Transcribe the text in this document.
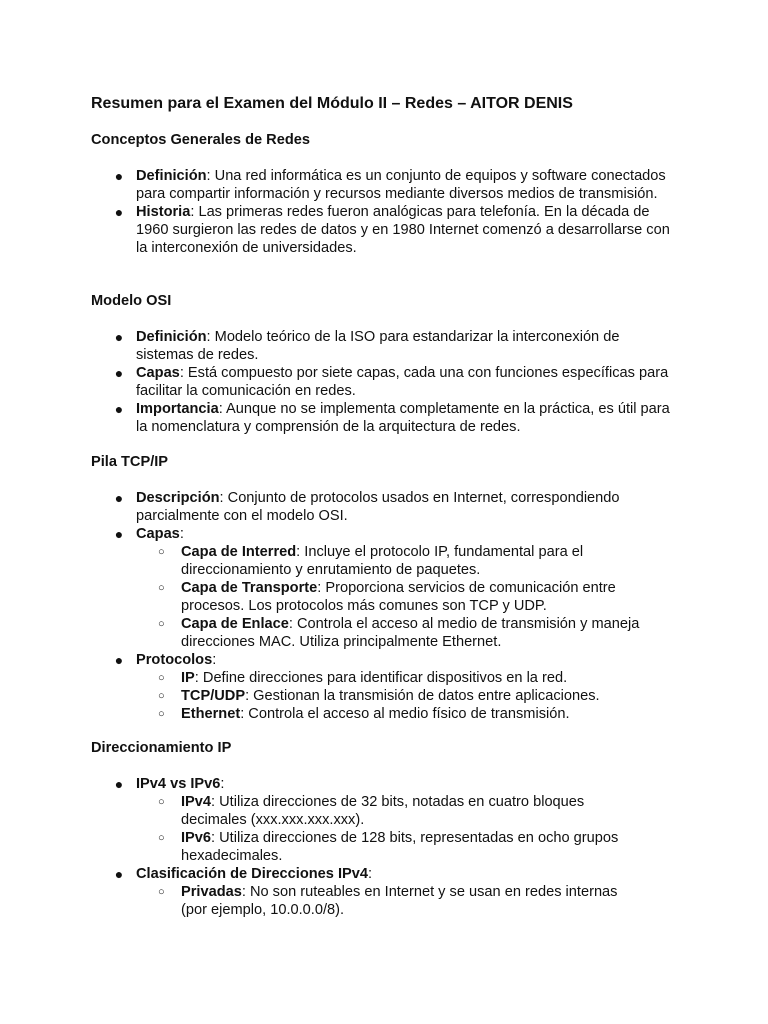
Resumen para el Examen del Módulo II – Redes – AITOR DENIS
Conceptos Generales de Redes
● Definición: Una red informática es un conjunto de equipos y software conectados para compartir información y recursos mediante diversos medios de transmisión.
● Historia: Las primeras redes fueron analógicas para telefonía. En la década de 1960 surgieron las redes de datos y en 1980 Internet comenzó a desarrollarse con la interconexión de universidades.
Modelo OSI
● Definición: Modelo teórico de la ISO para estandarizar la interconexión de sistemas de redes.
● Capas: Está compuesto por siete capas, cada una con funciones específicas para facilitar la comunicación en redes.
● Importancia: Aunque no se implementa completamente en la práctica, es útil para la nomenclatura y comprensión de la arquitectura de redes.
Pila TCP/IP
● Descripción: Conjunto de protocolos usados en Internet, correspondiendo parcialmente con el modelo OSI.
● Capas:
○ Capa de Interred: Incluye el protocolo IP, fundamental para el direccionamiento y enrutamiento de paquetes.
○ Capa de Transporte: Proporciona servicios de comunicación entre procesos. Los protocolos más comunes son TCP y UDP.
○ Capa de Enlace: Controla el acceso al medio de transmisión y maneja direcciones MAC. Utiliza principalmente Ethernet.
● Protocolos:
○ IP: Define direcciones para identificar dispositivos en la red.
○ TCP/UDP: Gestionan la transmisión de datos entre aplicaciones.
○ Ethernet: Controla el acceso al medio físico de transmisión.
Direccionamiento IP
● IPv4 vs IPv6:
○ IPv4: Utiliza direcciones de 32 bits, notadas en cuatro bloques decimales (xxx.xxx.xxx.xxx).
○ IPv6: Utiliza direcciones de 128 bits, representadas en ocho grupos hexadecimales.
● Clasificación de Direcciones IPv4:
○ Privadas: No son ruteables en Internet y se usan en redes internas (por ejemplo, 10.0.0.0/8).
